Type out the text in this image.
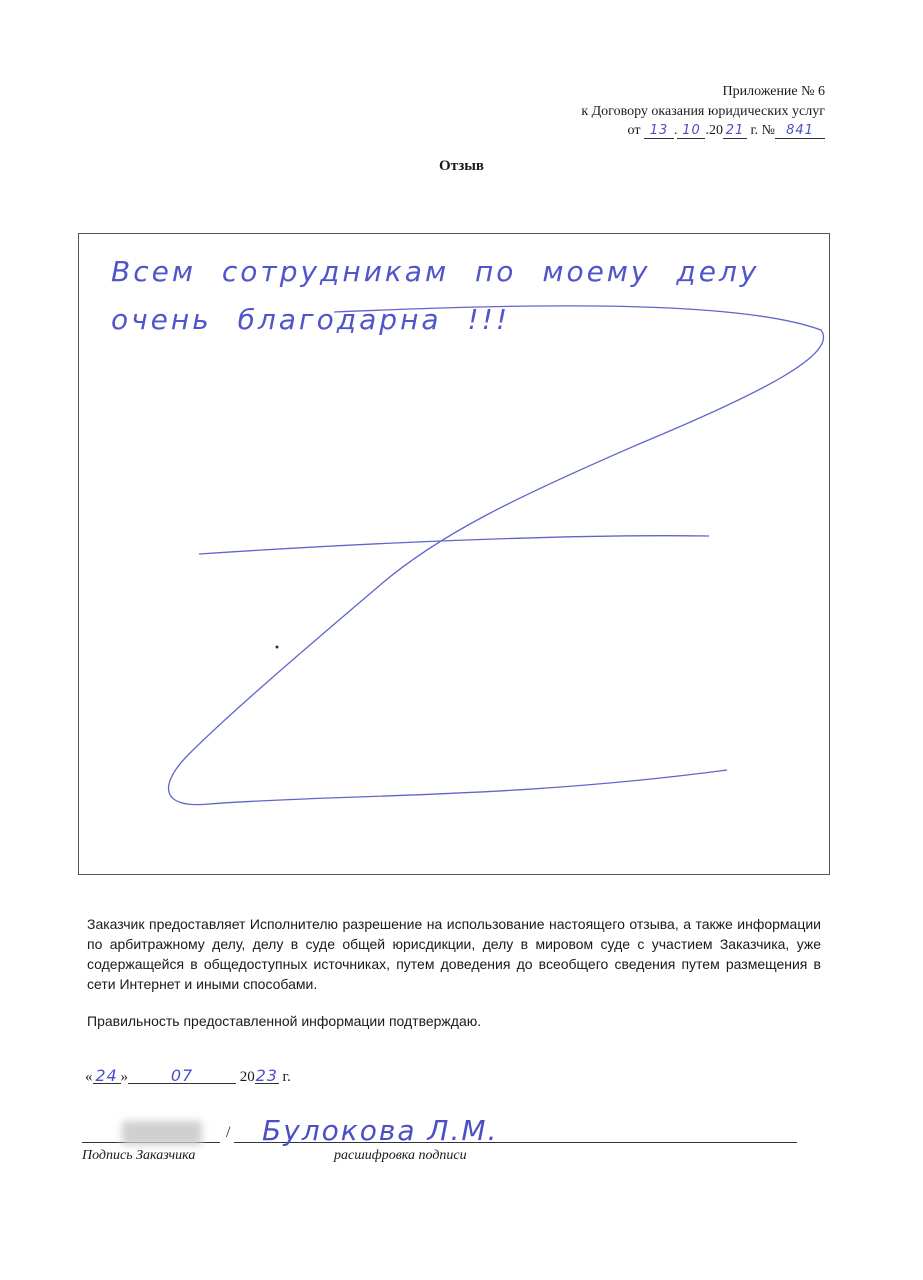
Приложение № 6
к Договору оказания юридических услуг
от 13 . 10 .20 21 г. № 841
Отзыв
Всем сотрудникам по моему делу очень благодарна !!!
Заказчик предоставляет Исполнителю разрешение на использование настоящего отзыва, а также информации по арбитражному делу, делу в суде общей юрисдикции, делу в мировом суде с участием Заказчика, уже содержащейся в общедоступных источниках, путем доведения до всеобщего сведения путем размещения в сети Интернет и иными способами.
Правильность предоставленной информации подтверждаю.
« 24 »	07	2023 г.
/ Булокова Л.М.
Подпись Заказчика	расшифровка подписи
